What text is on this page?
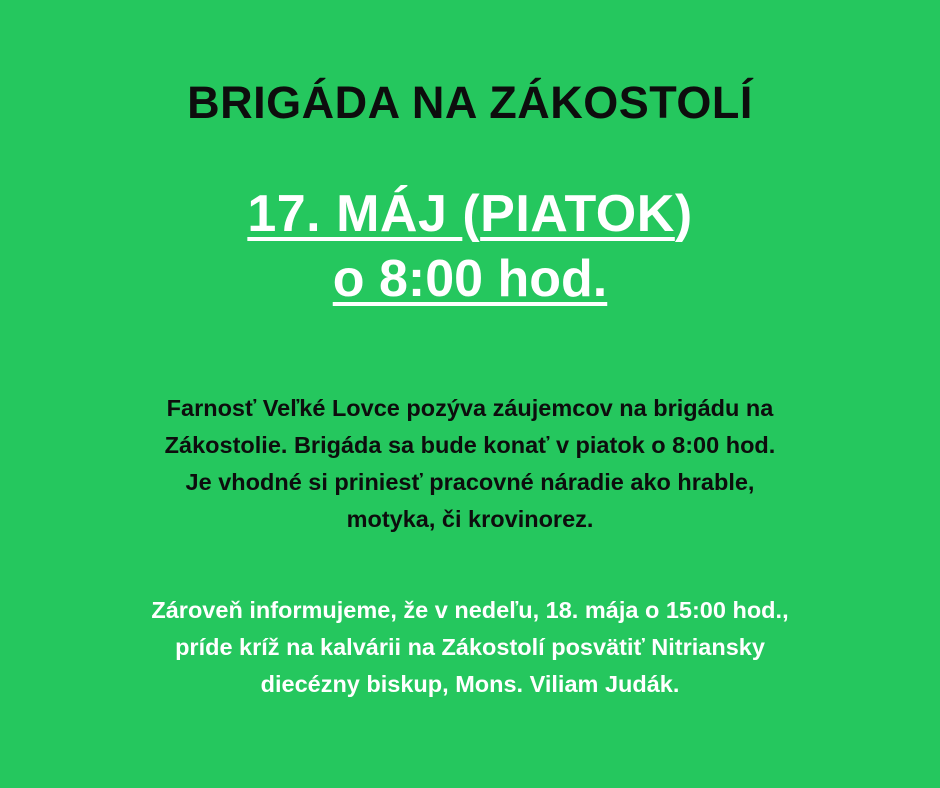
BRIGÁDA NA ZÁKOSTOLÍ
17. MÁJ (PIATOK)
o 8:00 hod.
Farnosť Veľké Lovce pozýva záujemcov na brigádu na
Zákostolie. Brigáda sa bude konať v piatok o 8:00 hod.
Je vhodné si priniesť pracovné náradie ako hrable,
motyka, či krovinorez.
Zároveň informujeme, že v nedeľu, 18. mája o 15:00 hod.,
príde kríž na kalvárii na Zákostolí posvätiť Nitriansky
diecézny biskup, Mons. Viliam Judák.
